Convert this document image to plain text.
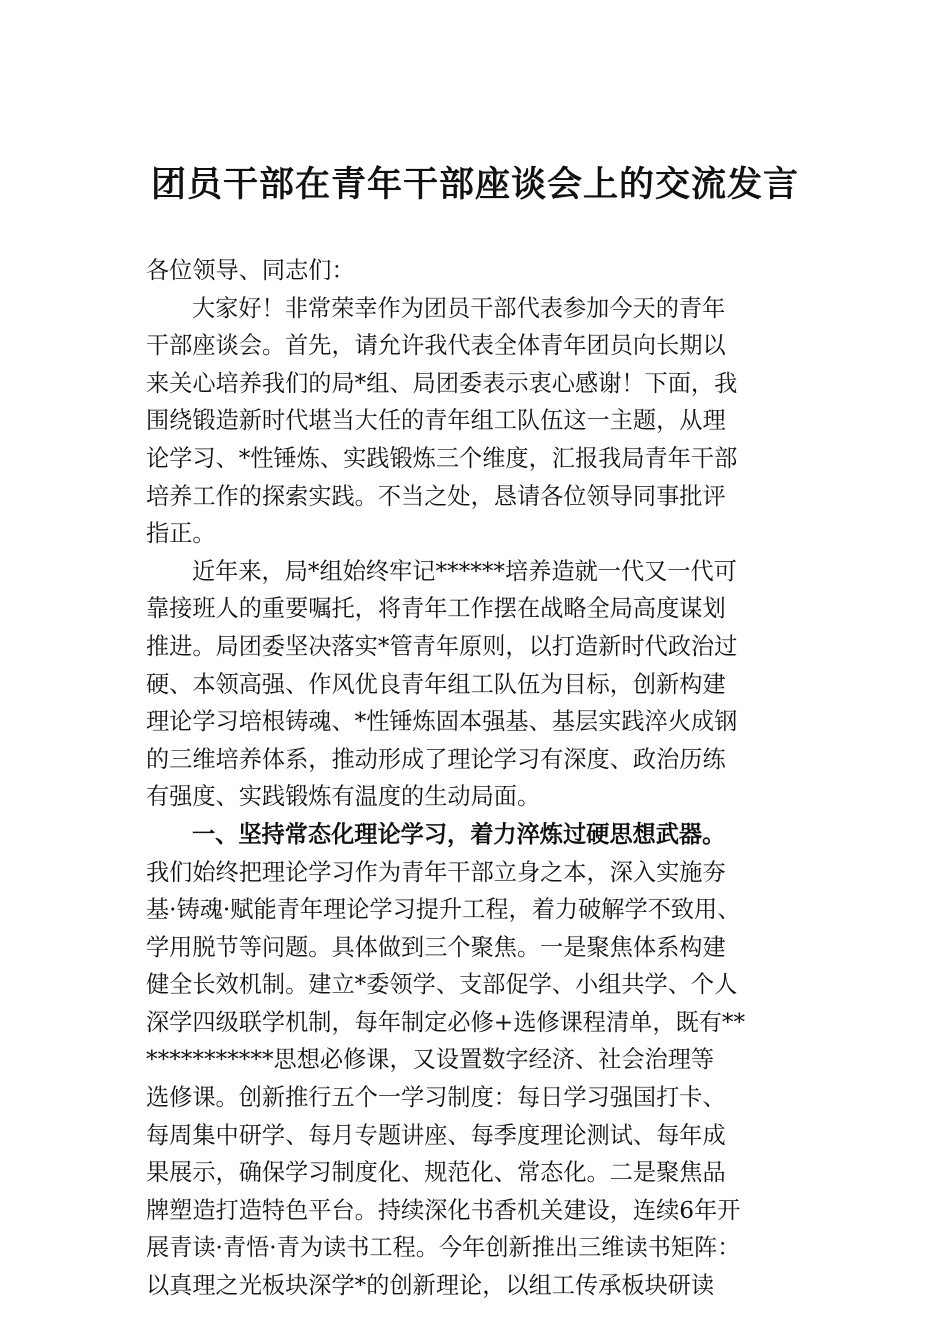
团员干部在青年干部座谈会上的交流发言

各位领导、同志们：

大家好！非常荣幸作为团员干部代表参加今天的青年
干部座谈会。首先，请允许我代表全体青年团员向长期以
来关心培养我们的局*组、局团委表示衷心感谢！下面，我
围绕锻造新时代堪当大任的青年组工队伍这一主题，从理
论学习、*性锤炼、实践锻炼三个维度，汇报我局青年干部
培养工作的探索实践。不当之处，恳请各位领导同事批评
指正。

近年来，局*组始终牢记******培养造就一代又一代可
靠接班人的重要嘱托，将青年工作摆在战略全局高度谋划
推进。局团委坚决落实*管青年原则，以打造新时代政治过
硬、本领高强、作风优良青年组工队伍为目标，创新构建
理论学习培根铸魂、*性锤炼固本强基、基层实践淬火成钢
的三维培养体系，推动形成了理论学习有深度、政治历练
有强度、实践锻炼有温度的生动局面。

一、坚持常态化理论学习，着力淬炼过硬思想武器。

我们始终把理论学习作为青年干部立身之本，深入实施夯
基·铸魂·赋能青年理论学习提升工程，着力破解学不致用、
学用脱节等问题。具体做到三个聚焦。一是聚焦体系构建
健全长效机制。建立*委领学、支部促学、小组共学、个人
深学四级联学机制，每年制定必修+选修课程清单，既有**
***********思想必修课，又设置数字经济、社会治理等
选修课。创新推行五个一学习制度：每日学习强国打卡、
每周集中研学、每月专题讲座、每季度理论测试、每年成
果展示，确保学习制度化、规范化、常态化。二是聚焦品
牌塑造打造特色平台。持续深化书香机关建设，连续6年开
展青读·青悟·青为读书工程。今年创新推出三维读书矩阵：
以真理之光板块深学*的创新理论，以组工传承板块研读
